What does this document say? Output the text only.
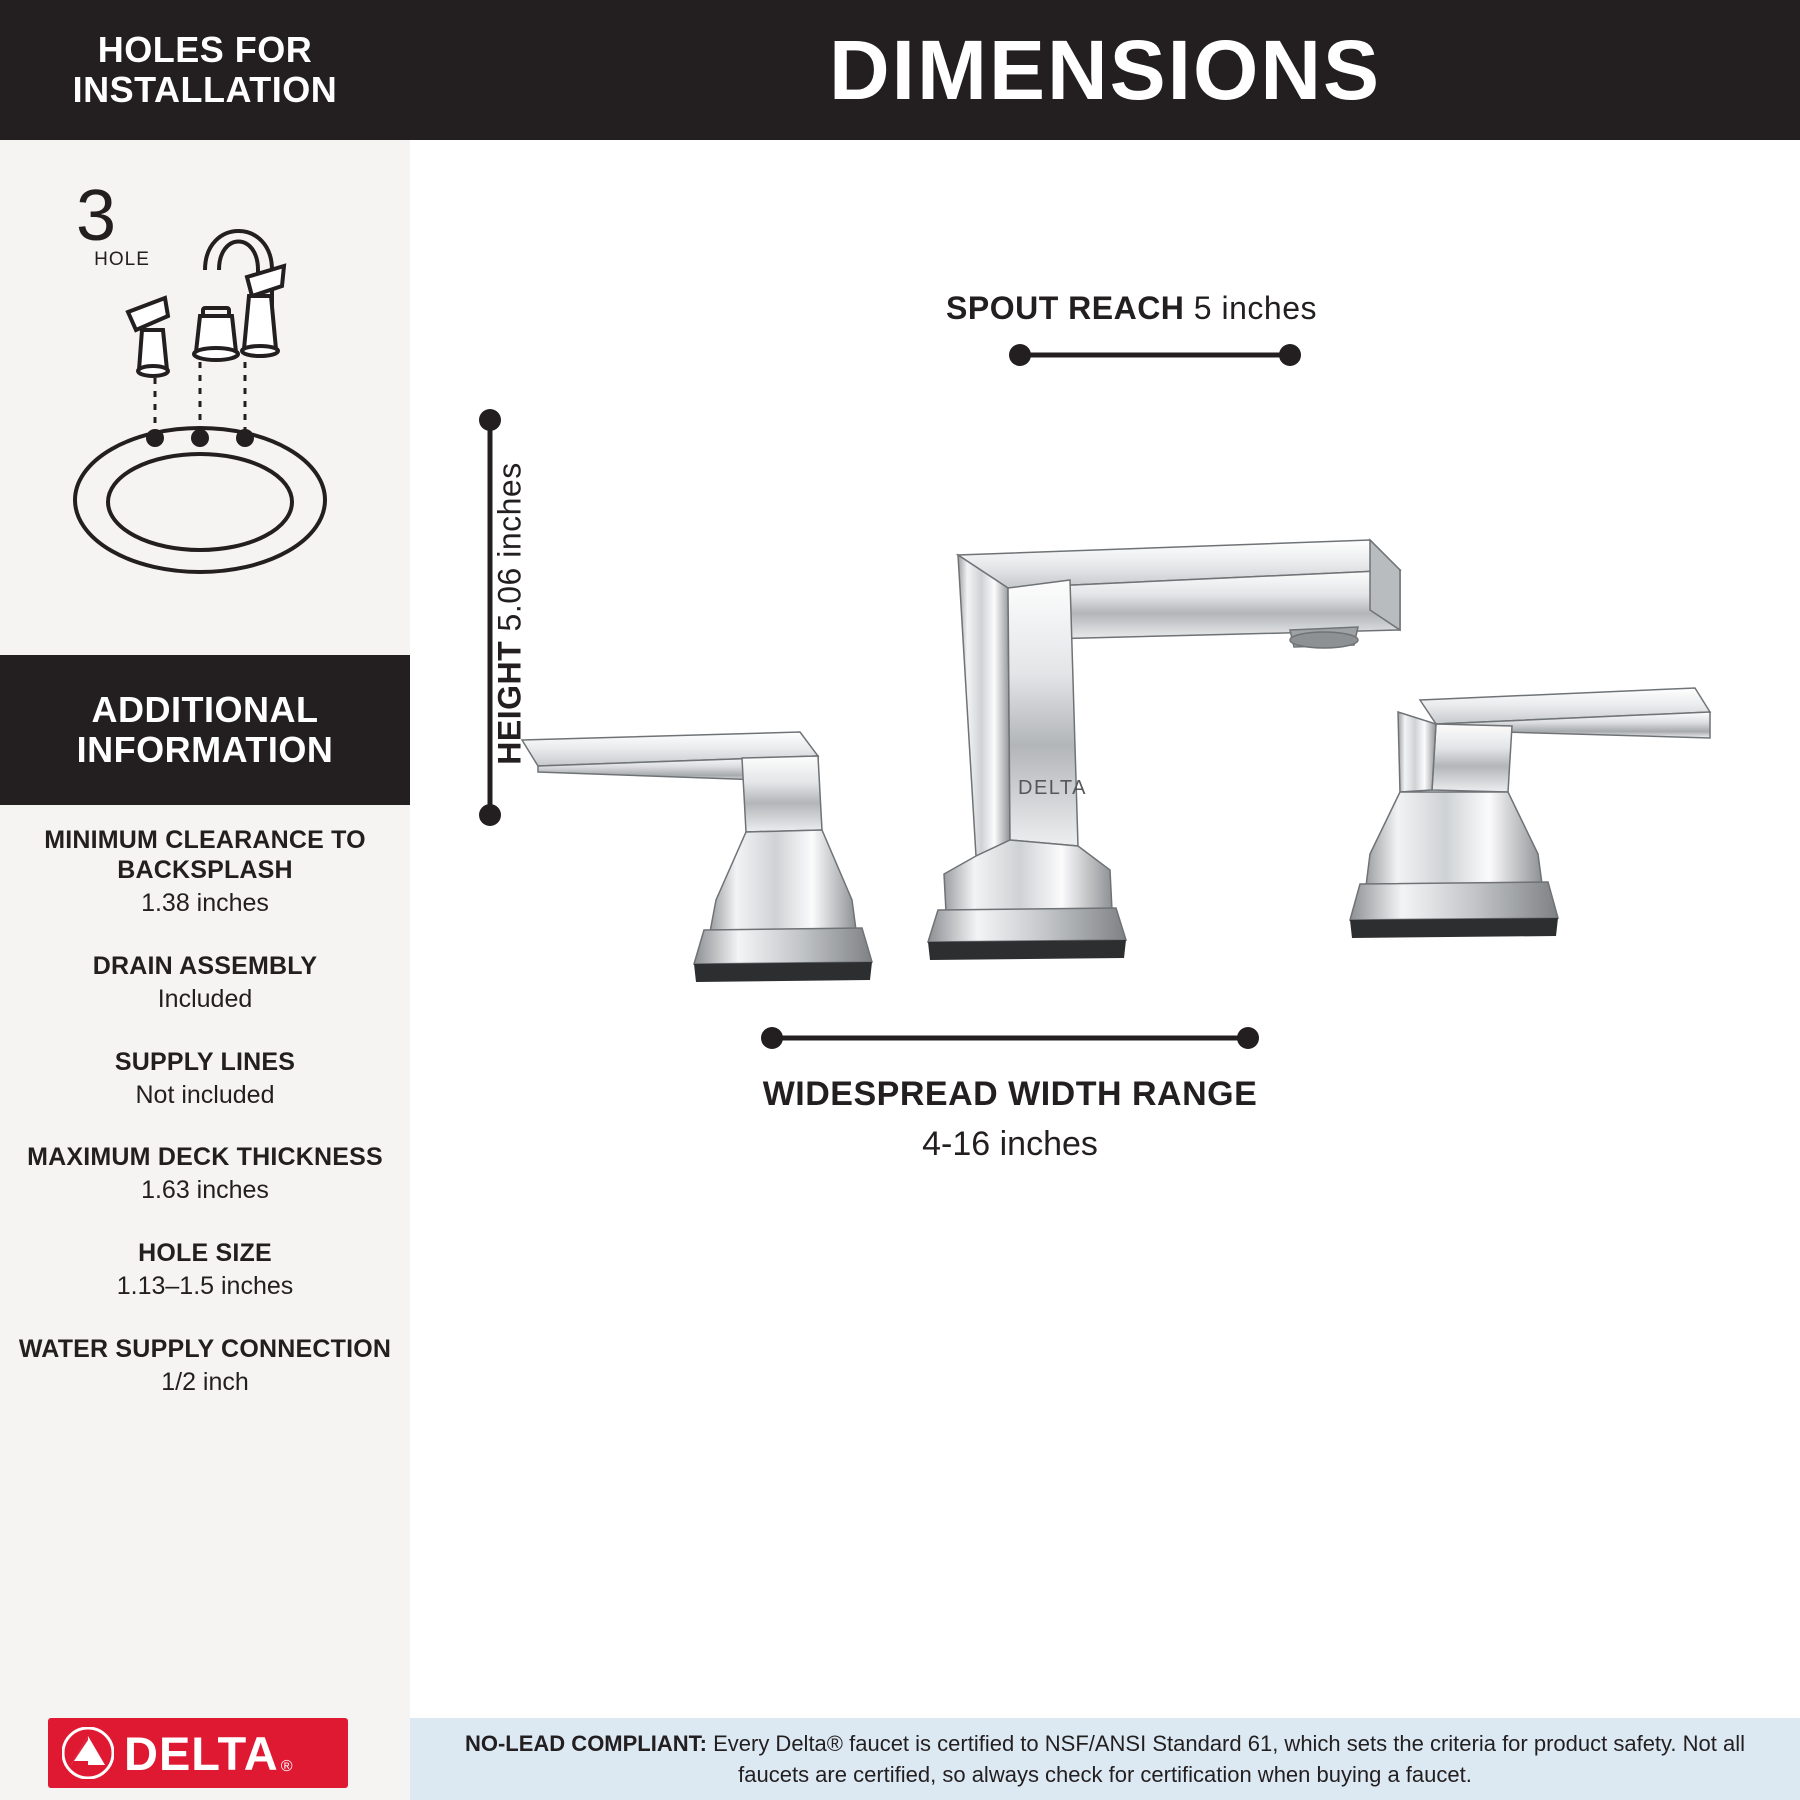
HOLES FOR INSTALLATION
3
HOLE
ADDITIONAL INFORMATION
MINIMUM CLEARANCE TO BACKSPLASH
1.38 inches
DRAIN ASSEMBLY
Included
SUPPLY LINES
Not included
MAXIMUM DECK THICKNESS
1.63 inches
HOLE SIZE
1.13–1.5 inches
WATER SUPPLY CONNECTION
1/2 inch
DELTA ®
DIMENSIONS
DELTA
SPOUT REACH 5 inches
HEIGHT 5.06 inches
WIDESPREAD WIDTH RANGE
4-16 inches

NO-LEAD COMPLIANT: Every Delta® faucet is certified to NSF/ANSI Standard 61, which sets the criteria for product safety. Not all faucets are certified, so always check for certification when buying a faucet.
